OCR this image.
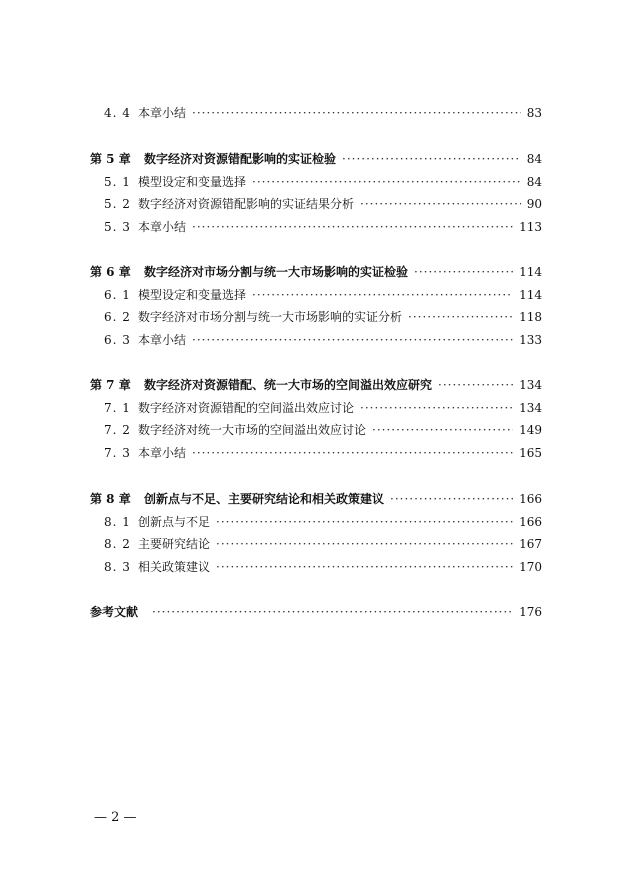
4. 4 本章小结 ·····	83
第 5 章	数字经济对资源错配影响的实证检验 ·····	84
5. 1 模型设定和变量选择 ·····	84
5. 2 数字经济对资源错配影响的实证结果分析 ·····	90
5. 3 本章小结 ·····	113
第 6 章	数字经济对市场分割与统一大市场影响的实证检验 ·····	114
6. 1 模型设定和变量选择 ·····	114
6. 2 数字经济对市场分割与统一大市场影响的实证分析 ·····	118
6. 3 本章小结 ·····	133
第 7 章	数字经济对资源错配、统一大市场的空间溢出效应研究 ·····	134
7. 1 数字经济对资源错配的空间溢出效应讨论 ·····	134
7. 2 数字经济对统一大市场的空间溢出效应讨论 ·····	149
7. 3 本章小结 ·····	165
第 8 章	创新点与不足、主要研究结论和相关政策建议 ·····	166
8. 1 创新点与不足 ·····	166
8. 2 主要研究结论 ·····	167
8. 3 相关政策建议 ·····	170
参考文献 ·····	176
— 2 —
